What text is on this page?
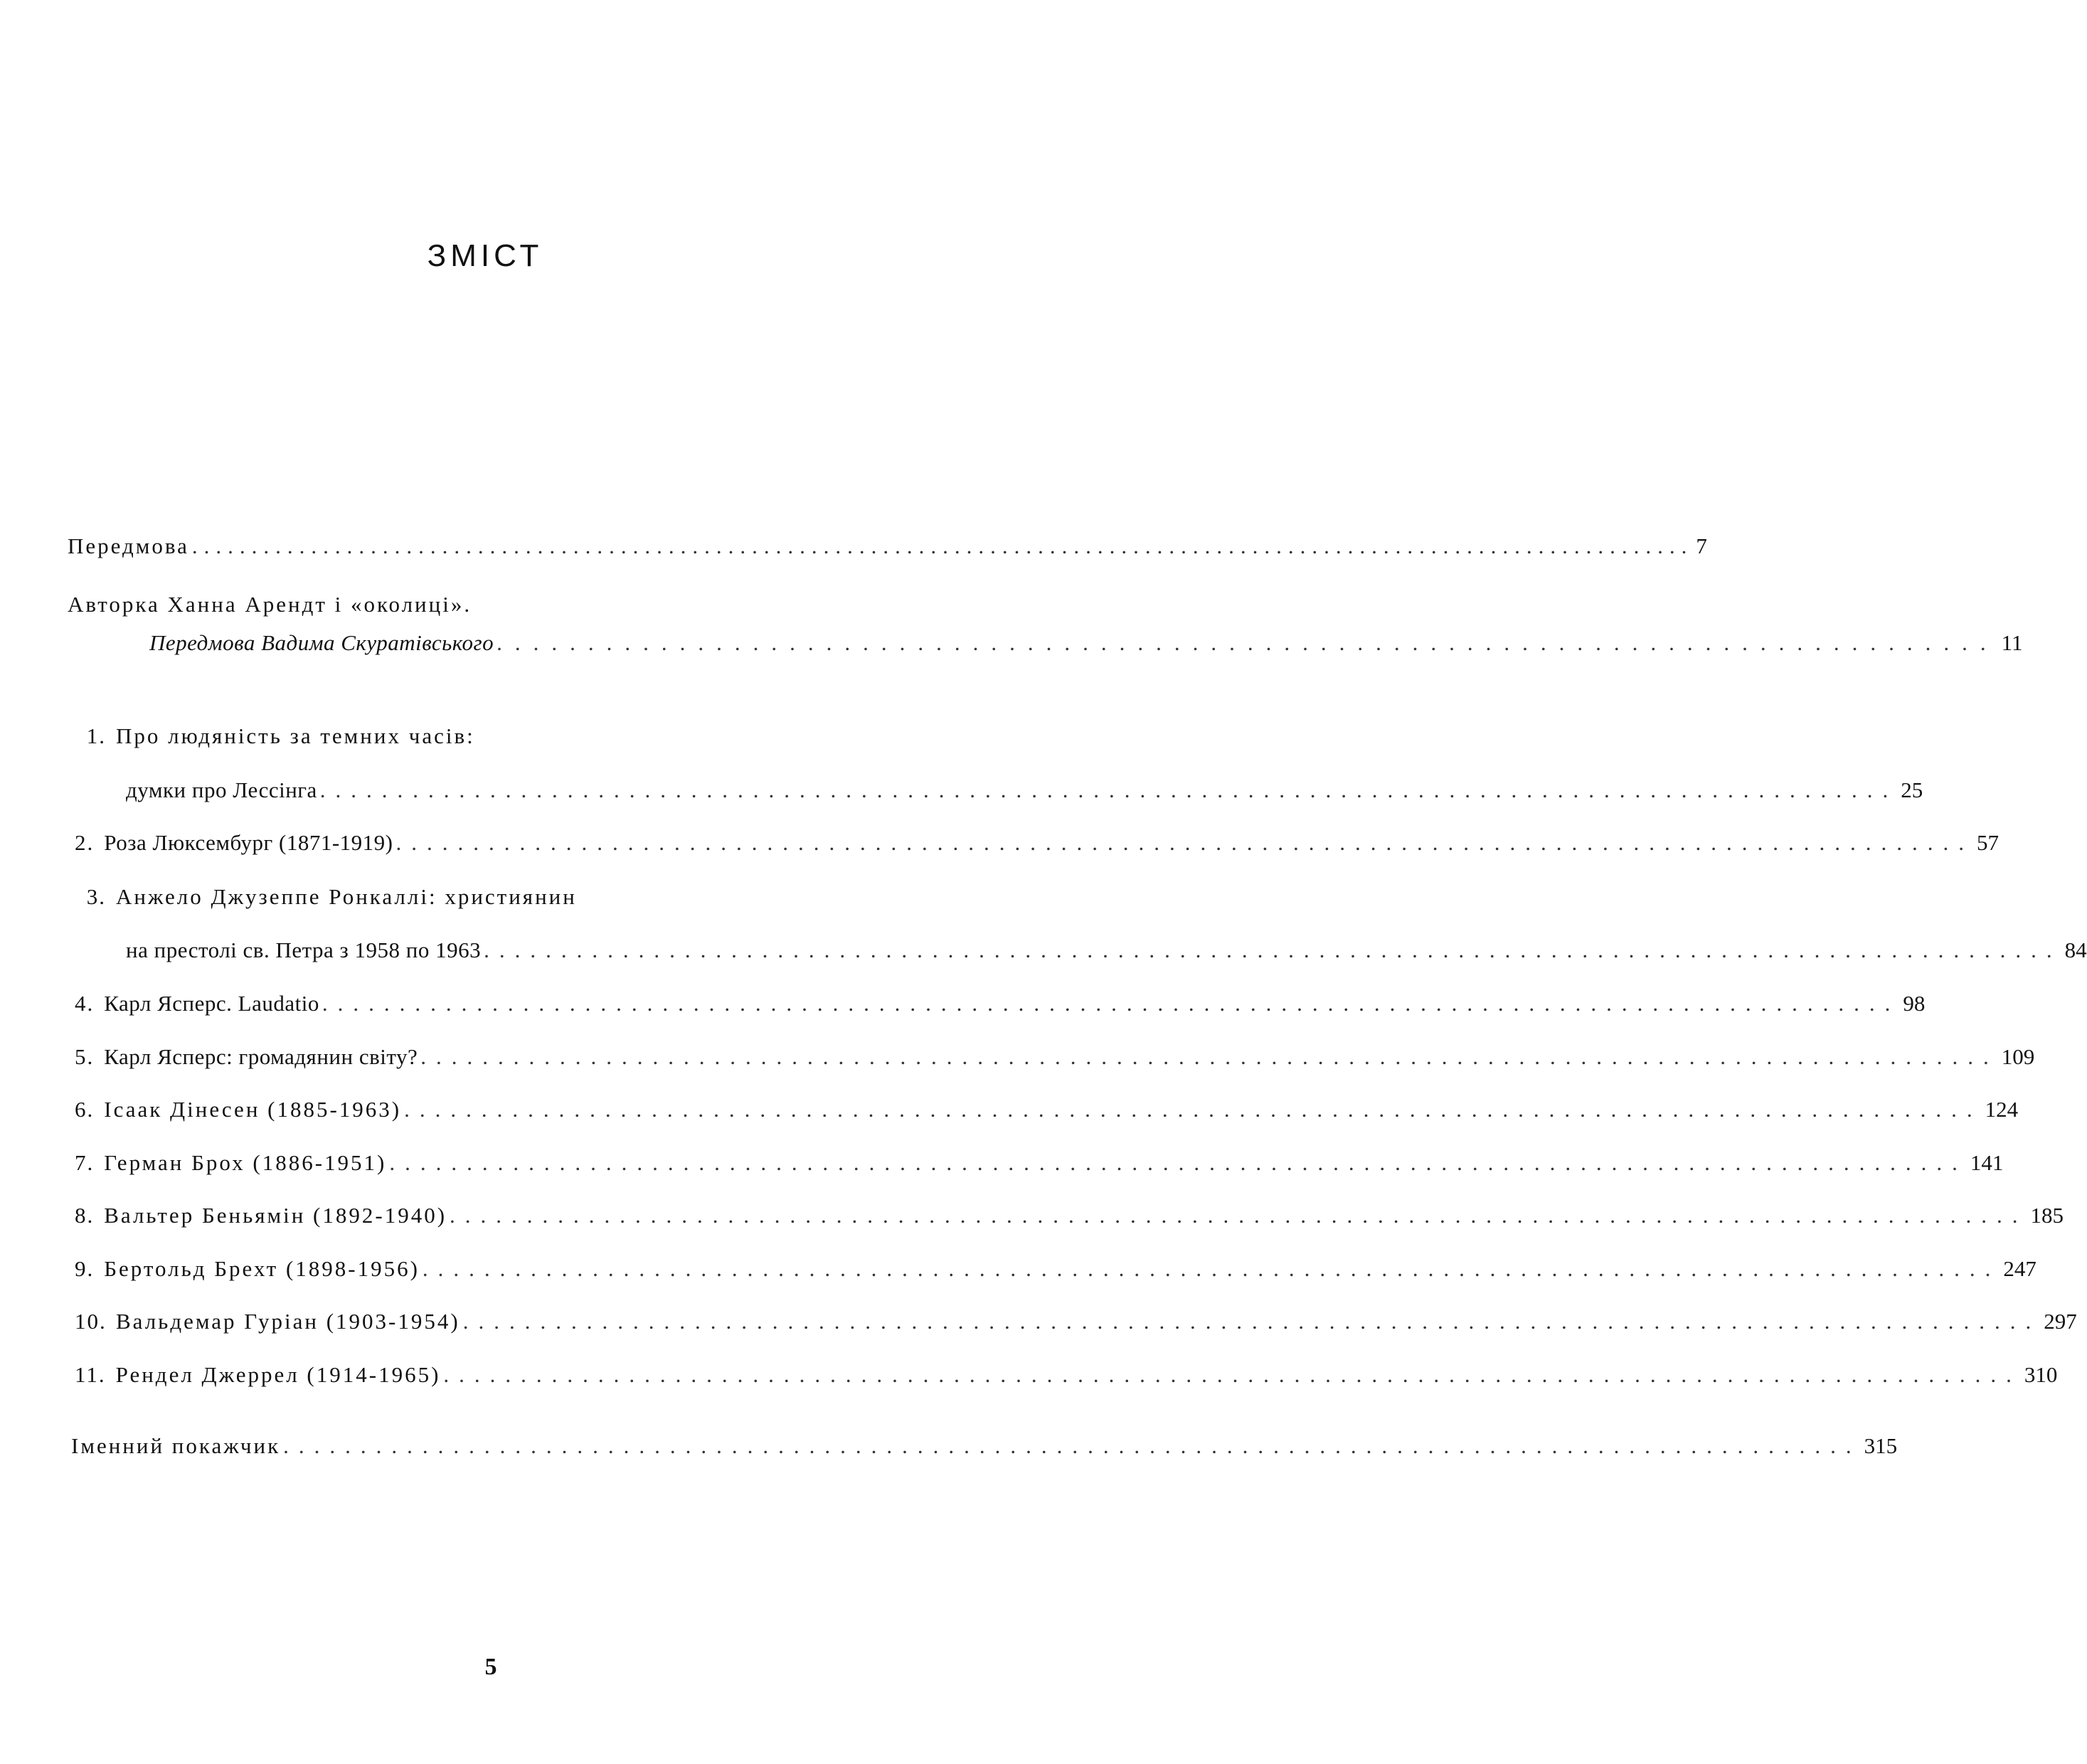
ЗМІСТ
Передмова .............................................................................................................................. 7
Авторка Ханна Арендт і «околиці».
Передмова Вадима Скуратівського .................................................................................. 11
1. Про людяність за темних часів:
думки про Лессінга ...................................................................................................... 25
2. Роза Люксембург (1871-1919) ...................................................................................................... 57
3. Анжело Джузеппе Ронкаллі: християнин
на престолі св. Петра з 1958 по 1963 ...................................................................................................... 84
4. Карл Ясперс. Laudatio ...................................................................................................... 98
5. Карл Ясперс: громадянин світу? ...................................................................................................... 109
6. Ісаак Дінесен (1885-1963) ...................................................................................................... 124
7. Герман Брох (1886-1951) ...................................................................................................... 141
8. Вальтер Беньямін (1892-1940) ...................................................................................................... 185
9. Бертольд Брехт (1898-1956) ...................................................................................................... 247
10. Вальдемар Гуріан (1903-1954) ...................................................................................................... 297
11. Рендел Джеррел (1914-1965) ...................................................................................................... 310
Іменний покажчик ...................................................................................................... 315
5
